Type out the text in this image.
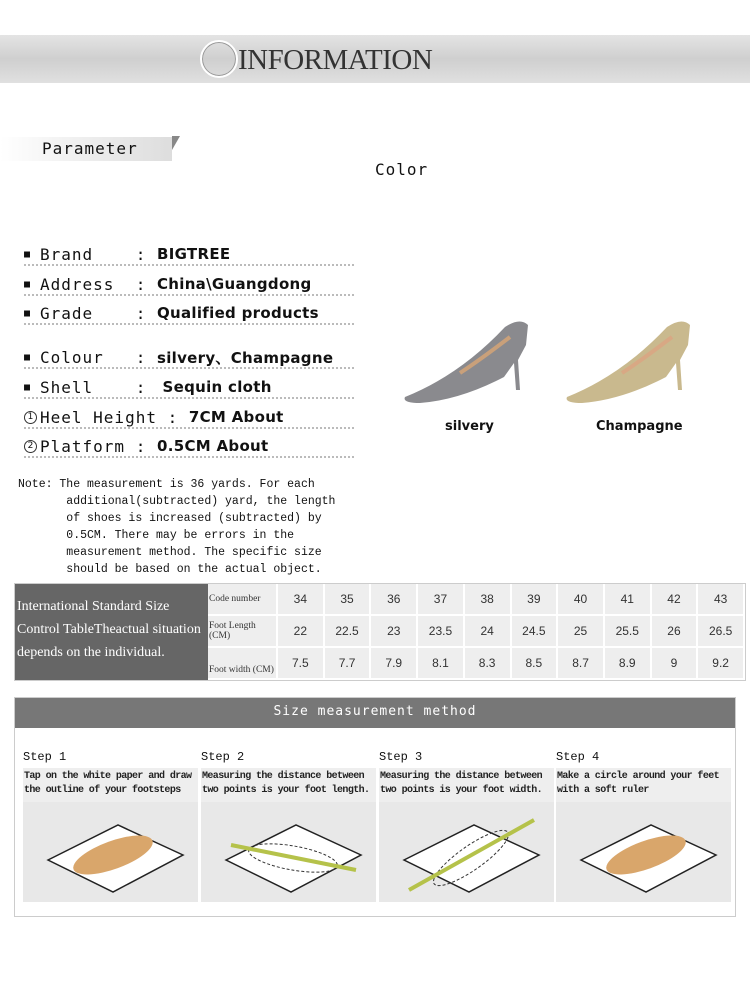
INFORMATION
Parameter
Color
■ Brand : BIGTREE
■ Address : China\Guangdong
■ Grade : Qualified products
■ Colour : silvery、Champagne
■ Shell : Sequin cloth
1 Heel Height : 7CM About
2 Platform : 0.5CM About
silvery	Champagne
Note: The measurement is 36 yards. For each
additional(subtracted) yard, the length
of shoes is increased (subtracted) by
0.5CM. There may be errors in the
measurement method. The specific size
should be based on the actual object.
International Standard Size
Control TableTheactual situation
depends on the individual.
Code number	34	35	36	37	38	39	40	41	42	43
Foot Length (CM)	22	22.5	23	23.5	24	24.5	25	25.5	26	26.5
Foot width (CM)	7.5	7.7	7.9	8.1	8.3	8.5	8.7	8.9	9	9.2
Size measurement method
Step 1
Tap on the white paper and draw the outline of your footsteps
Step 2
Measuring the distance between two points is your foot length.
Step 3
Measuring the distance between two points is your foot width.
Step 4
Make a circle around your feet with a soft ruler
